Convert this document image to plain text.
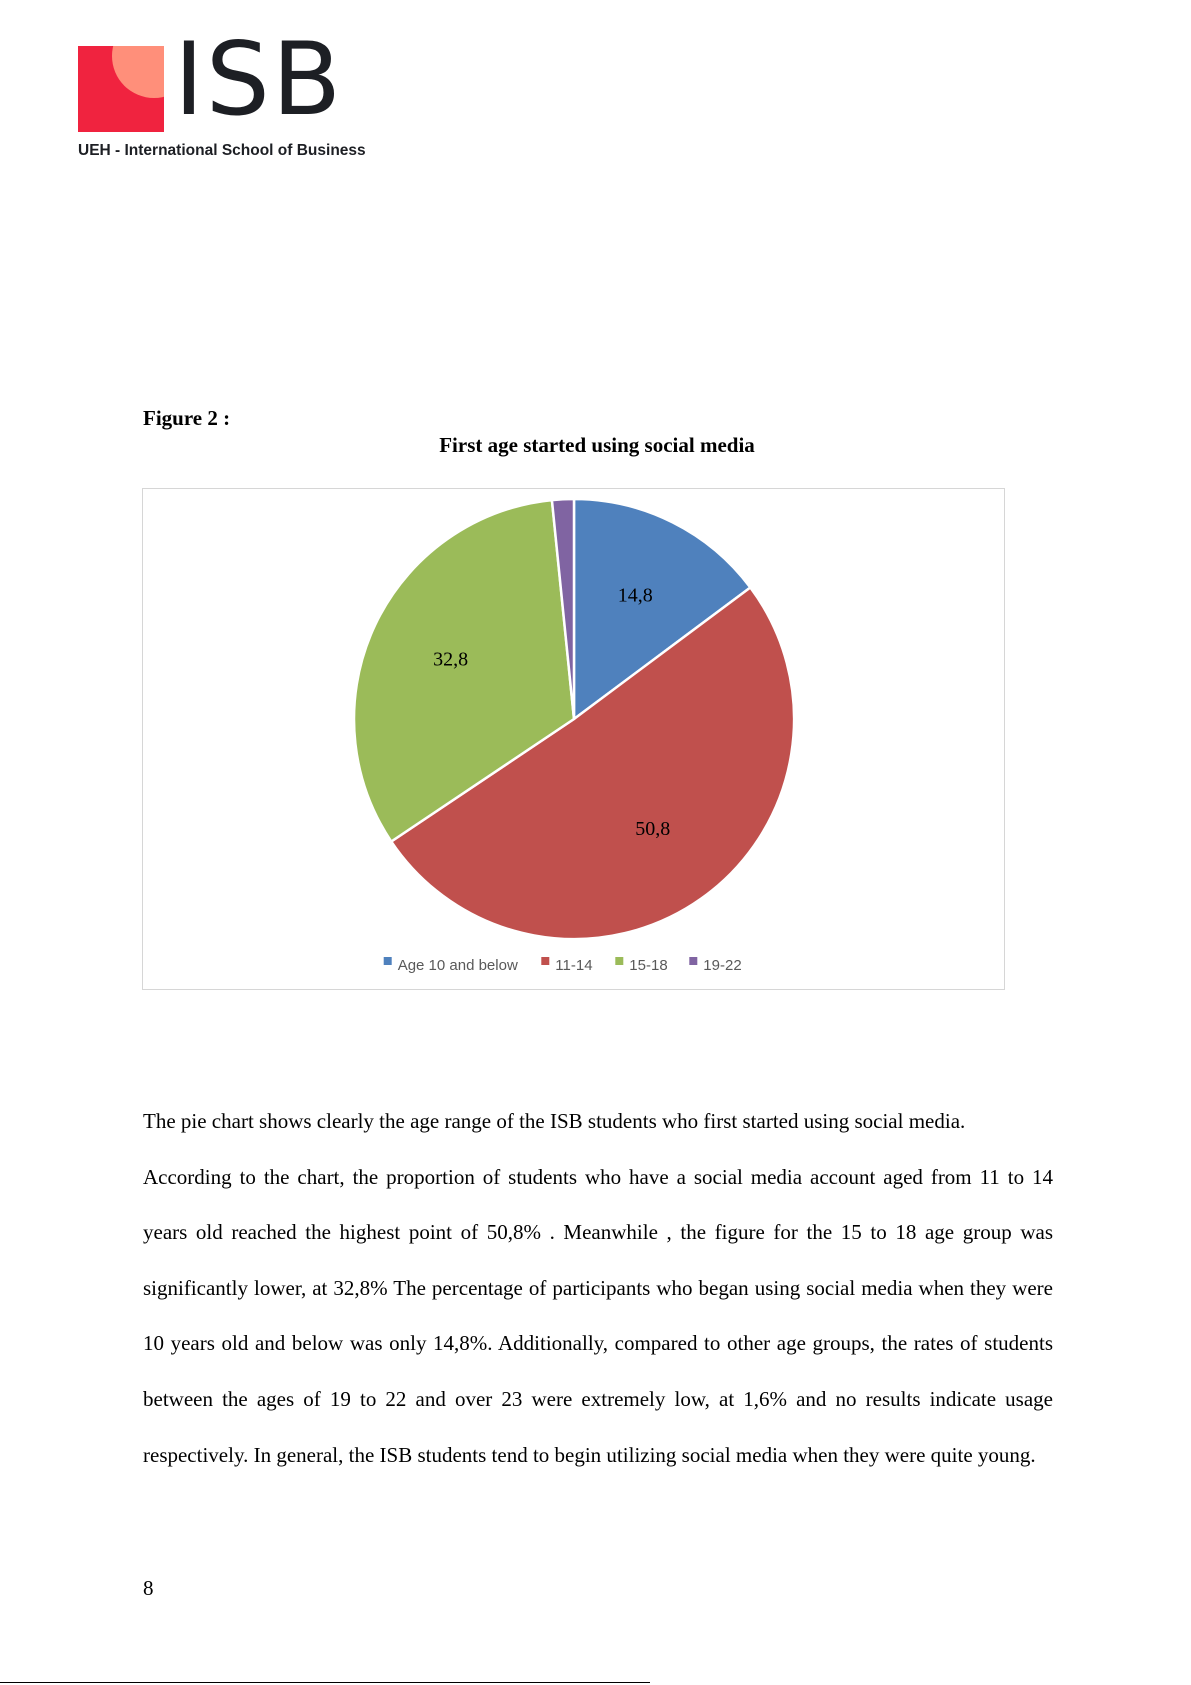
ISB
UEH - International School of Business
Figure 2 :
First age started using social media
14,8
50,8
32,8
Age 10 and below 11-14 15-18 19-22

The pie chart shows clearly the age range of the ISB students who first started using social media.

According to the chart, the proportion of students who have a social media account aged from 11 to 14 years old reached the highest point of 50,8% . Meanwhile , the figure for the 15 to 18 age group was significantly lower, at 32,8% The percentage of participants who began using social media when they were 10 years old and below was only 14,8%. Additionally, compared to other age groups, the rates of students between the ages of 19 to 22 and over 23 were extremely low, at 1,6% and no results indicate usage respectively. In general, the ISB students tend to begin utilizing social media when they were quite young.

8
